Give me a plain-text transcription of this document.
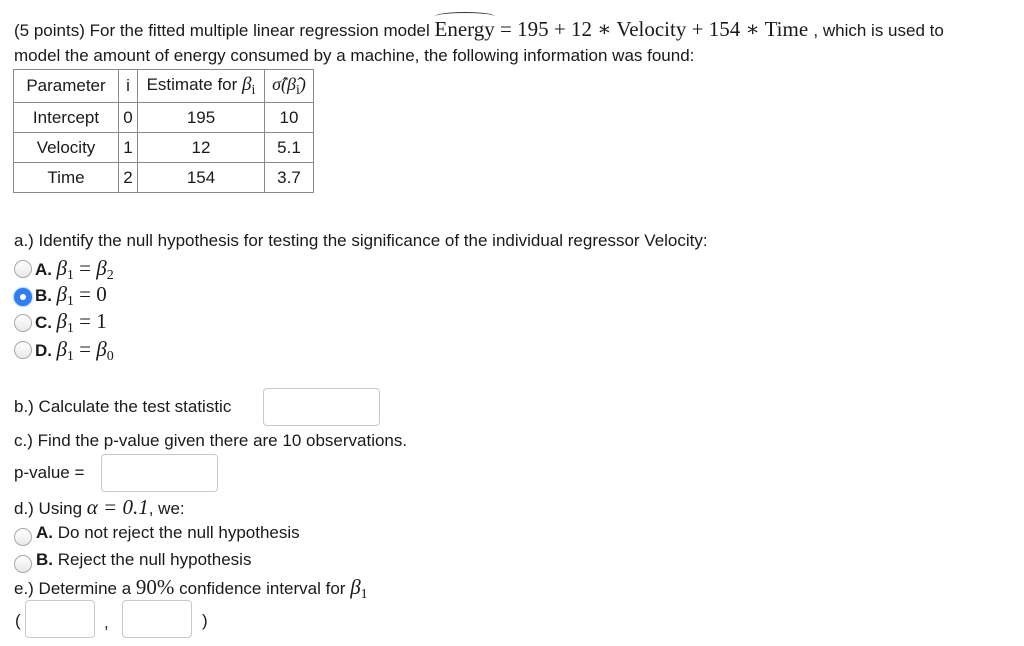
(5 points) For the fitted multiple linear regression model Energy = 195 + 12 ∗ Velocity + 154 ∗ Time , which is used to
model the amount of energy consumed by a machine, the following information was found:
Parameter	i	Estimate for $\beta_i$	$\sigmâ(\betâ_i)$
Intercept	0	195	10
Velocity	1	12	5.1
Time	2	154	3.7
a.) Identify the null hypothesis for testing the significance of the individual regressor Velocity:
A. $\beta_1 = \beta_2$
B. $\beta_1 = 0$
C. $\beta_1 = 1$
D. $\beta_1 = \beta_0$
b.) Calculate the test statistic
c.) Find the p-value given there are 10 observations.
p-value =
d.) Using α = 0.1, we:
A. Do not reject the null hypothesis
B. Reject the null hypothesis
e.) Determine a 90% confidence interval for $\beta_1$
(	,	)
